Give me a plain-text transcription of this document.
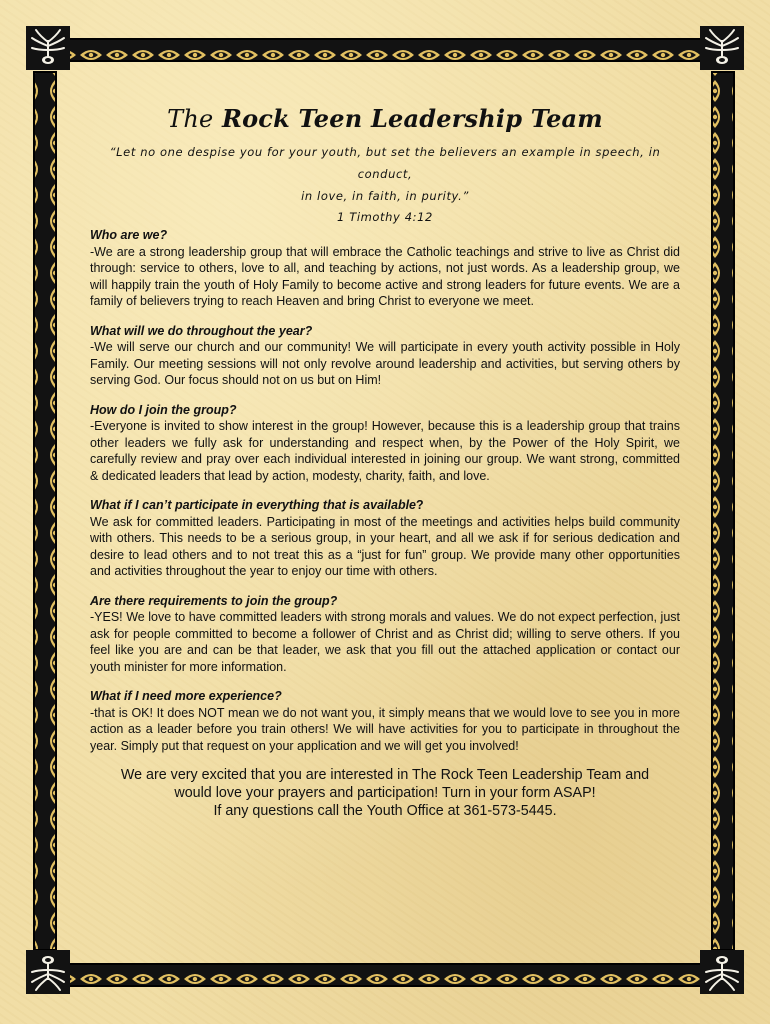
The Rock Teen Leadership Team

“Let no one despise you for your youth, but set the believers an example in speech, in conduct,
in love, in faith, in purity.”

1 Timothy 4:12

Who are we?

-We are a strong leadership group that will embrace the Catholic teachings and strive to live as Christ did through: service to others, love to all, and teaching by actions, not just words. As a leadership group, we will happily train the youth of Holy Family to become active and strong leaders for future events. We are a family of believers trying to reach Heaven and bring Christ to everyone we meet.

What will we do throughout the year?

-We will serve our church and our community! We will participate in every youth activity possible in Holy Family. Our meeting sessions will not only revolve around leadership and activities, but serving others by serving God. Our focus should not on us but on Him!

How do I join the group?

-Everyone is invited to show interest in the group! However, because this is a leadership group that trains other leaders we fully ask for understanding and respect when, by the Power of the Holy Spirit, we carefully review and pray over each individual interested in joining our group. We want strong, committed & dedicated leaders that lead by action, modesty, charity, faith, and love.

What if I can’t participate in everything that is available?

We ask for committed leaders. Participating in most of the meetings and activities helps build community with others. This needs to be a serious group, in your heart, and all we ask if for serious dedication and desire to lead others and to not treat this as a “just for fun” group. We provide many other opportunities and activities throughout the year to enjoy our time with others.

Are there requirements to join the group?

-YES! We love to have committed leaders with strong morals and values. We do not expect perfection, just ask for people committed to become a follower of Christ and as Christ did; willing to serve others. If you feel like you are and can be that leader, we ask that you fill out the attached application or contact our youth minister for more information.

What if I need more experience?

-that is OK! It does NOT mean we do not want you, it simply means that we would love to see you in more action as a leader before you train others! We will have activities for you to participate in throughout the year. Simply put that request on your application and we will get you involved!

We are very excited that you are interested in The Rock Teen Leadership Team and

would love your prayers and participation! Turn in your form ASAP!

If any questions call the Youth Office at 361-573-5445.
